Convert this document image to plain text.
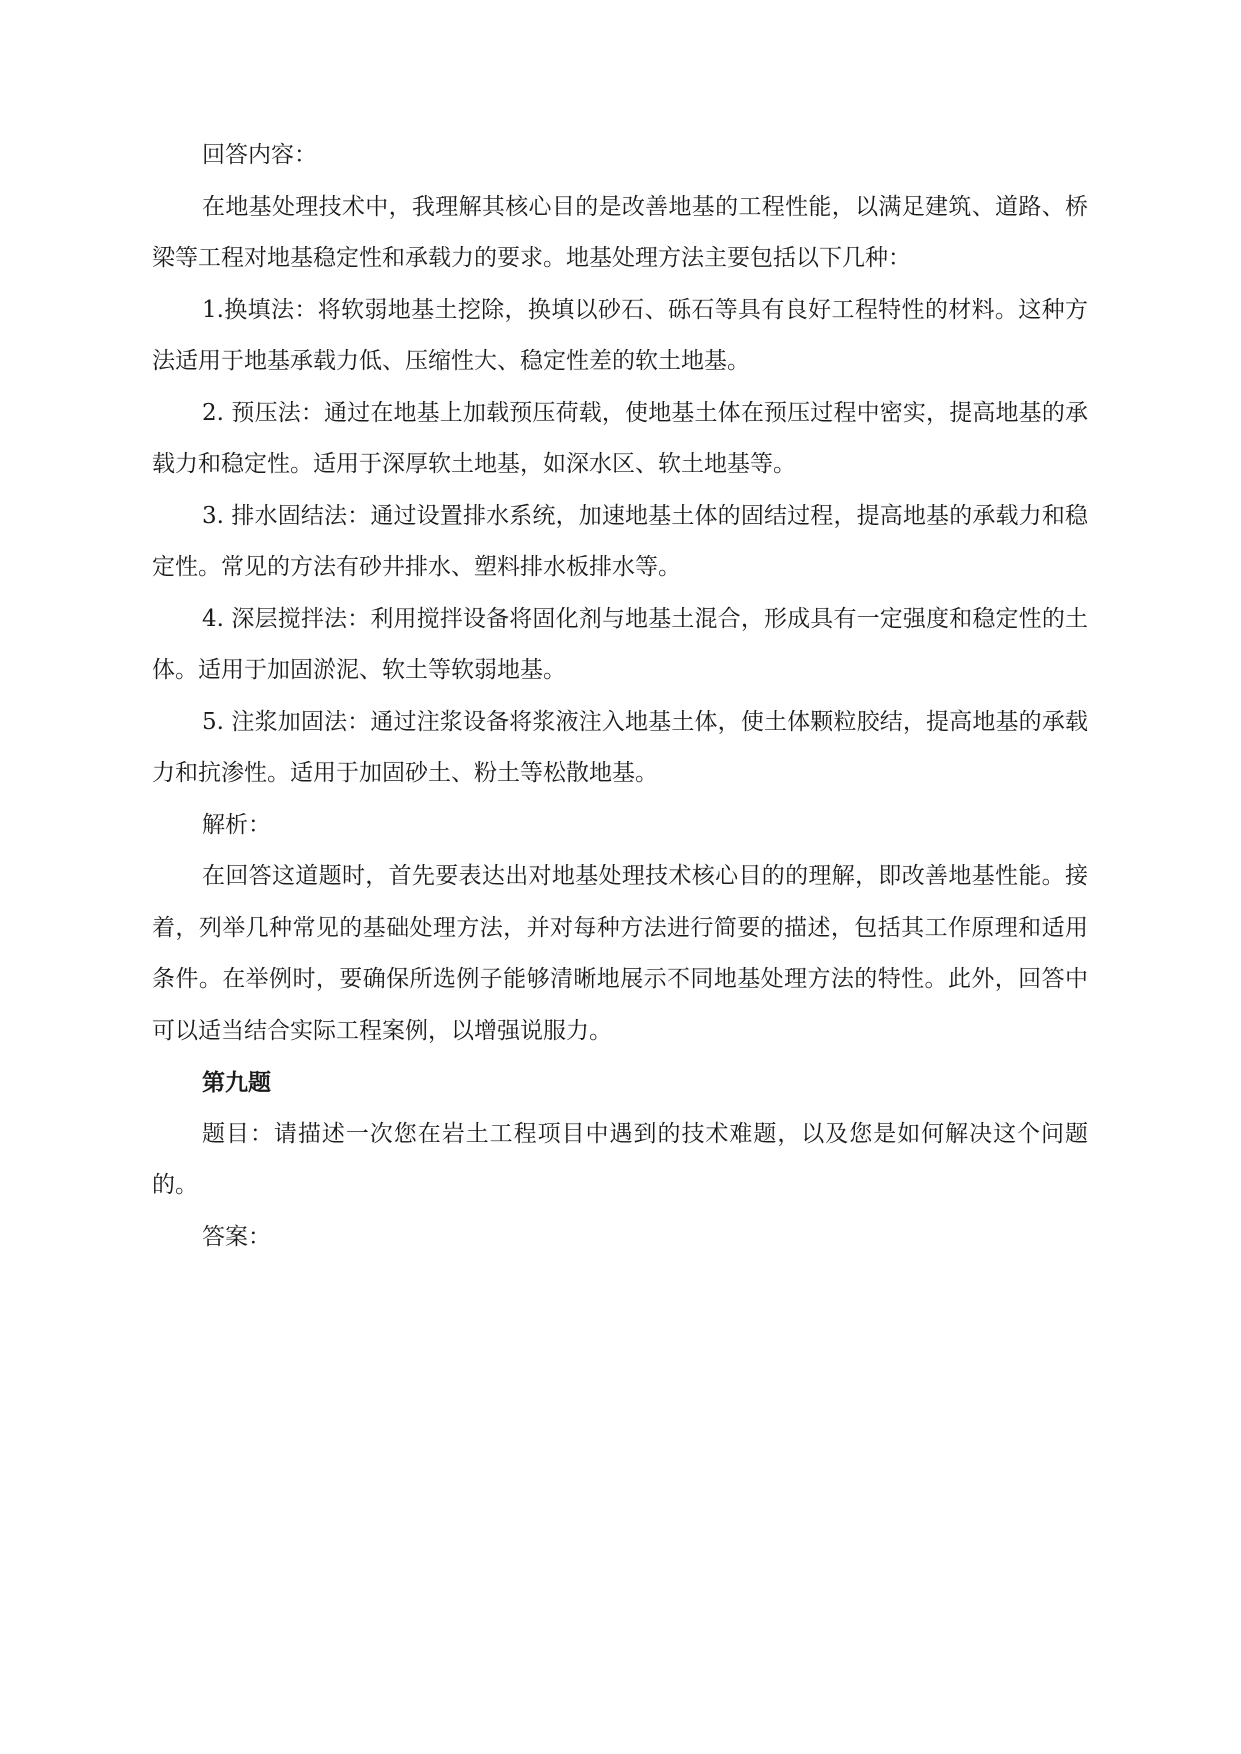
回答内容：

在地基处理技术中，我理解其核心目的是改善地基的工程性能，以满足建筑、道路、桥梁等工程对地基稳定性和承载力的要求。地基处理方法主要包括以下几种：

1.换填法：将软弱地基土挖除，换填以砂石、砾石等具有良好工程特性的材料。这种方法适用于地基承载力低、压缩性大、稳定性差的软土地基。

2. 预压法：通过在地基上加载预压荷载，使地基土体在预压过程中密实，提高地基的承载力和稳定性。适用于深厚软土地基，如深水区、软土地基等。

3. 排水固结法：通过设置排水系统，加速地基土体的固结过程，提高地基的承载力和稳定性。常见的方法有砂井排水、塑料排水板排水等。

4. 深层搅拌法：利用搅拌设备将固化剂与地基土混合，形成具有一定强度和稳定性的土体。适用于加固淤泥、软土等软弱地基。

5. 注浆加固法：通过注浆设备将浆液注入地基土体，使土体颗粒胶结，提高地基的承载力和抗渗性。适用于加固砂土、粉土等松散地基。

解析：

在回答这道题时，首先要表达出对地基处理技术核心目的的理解，即改善地基性能。接着，列举几种常见的基础处理方法，并对每种方法进行简要的描述，包括其工作原理和适用条件。在举例时，要确保所选例子能够清晰地展示不同地基处理方法的特性。此外，回答中可以适当结合实际工程案例，以增强说服力。

第九题

题目：请描述一次您在岩土工程项目中遇到的技术难题，以及您是如何解决这个问题的。

答案：
